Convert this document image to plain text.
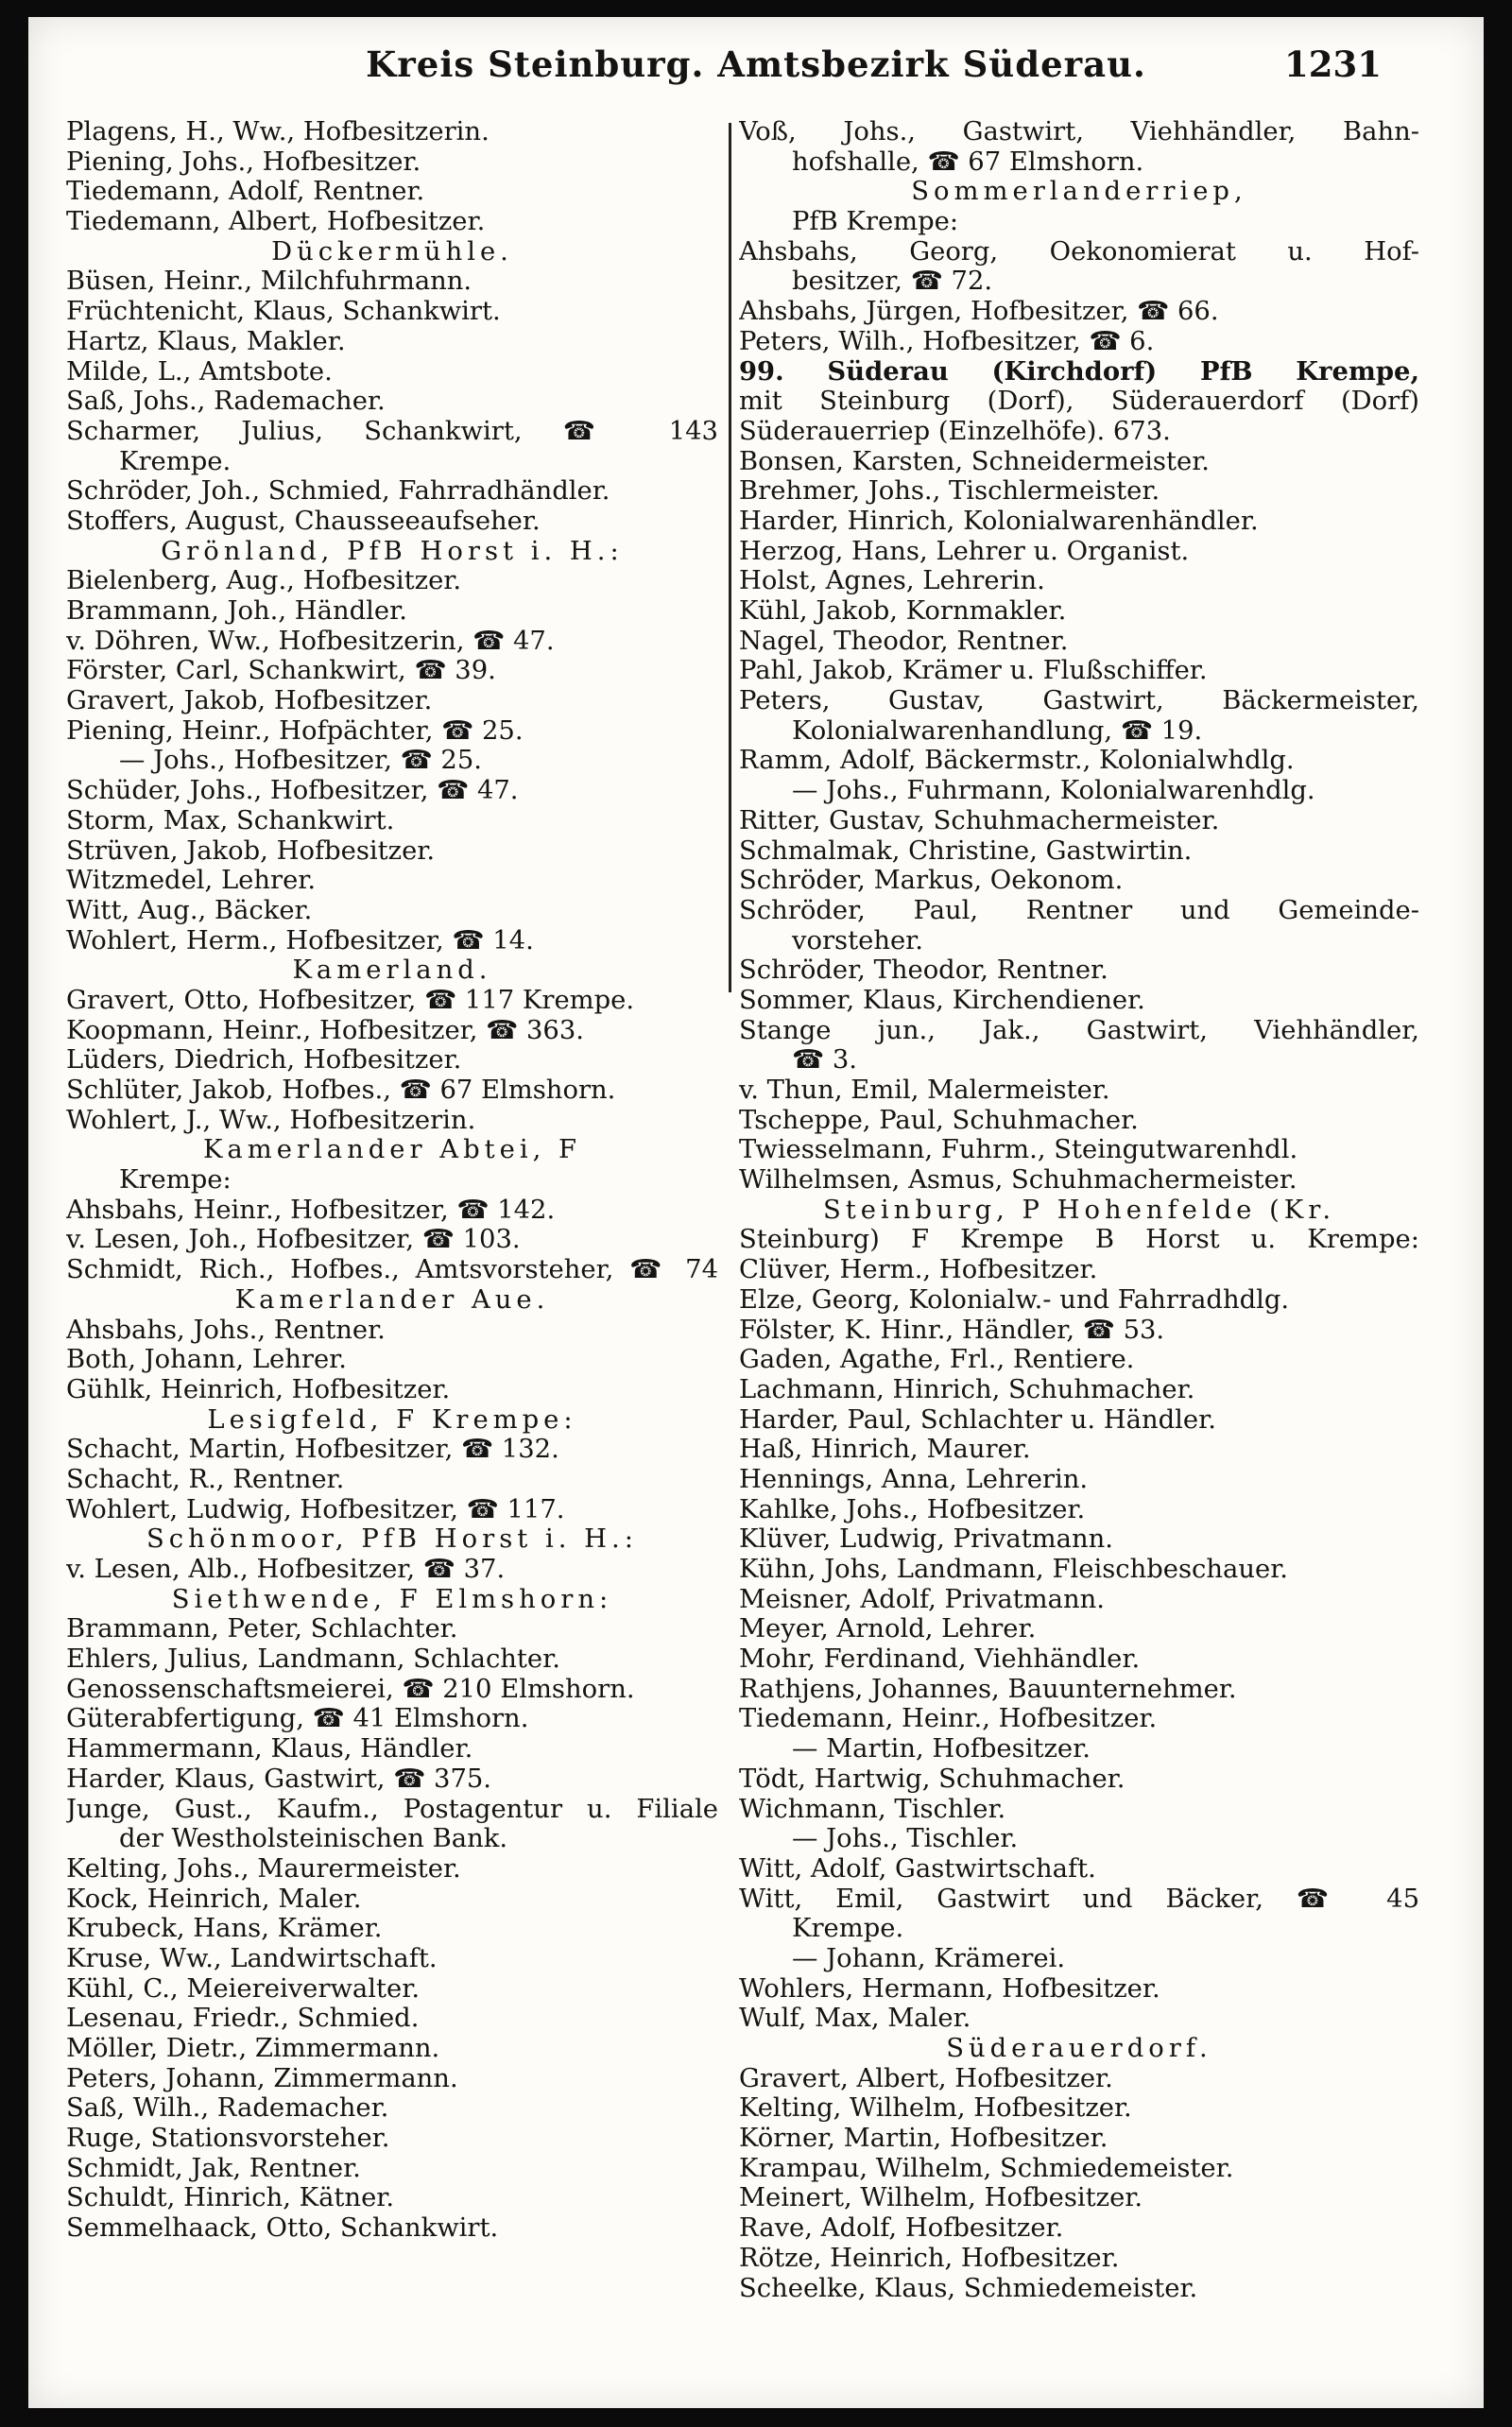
Kreis Steinburg. Amtsbezirk Süderau.	1231
Plagens, H., Ww., Hofbesitzerin.
Piening, Johs., Hofbesitzer.
Tiedemann, Adolf, Rentner.
Tiedemann, Albert, Hofbesitzer.
Dückermühle.
Büsen, Heinr., Milchfuhrmann.
Früchtenicht, Klaus, Schankwirt.
Hartz, Klaus, Makler.
Milde, L., Amtsbote.
Saß, Johs., Rademacher.
Scharmer, Julius, Schankwirt, ☎ 143
Krempe.
Schröder, Joh., Schmied, Fahrradhändler.
Stoffers, August, Chausseeaufseher.
Grönland, PfB Horst i. H.:
Bielenberg, Aug., Hofbesitzer.
Brammann, Joh., Händler.
v. Döhren, Ww., Hofbesitzerin, ☎ 47.
Förster, Carl, Schankwirt, ☎ 39.
Gravert, Jakob, Hofbesitzer.
Piening, Heinr., Hofpächter, ☎ 25.
— Johs., Hofbesitzer, ☎ 25.
Schüder, Johs., Hofbesitzer, ☎ 47.
Storm, Max, Schankwirt.
Strüven, Jakob, Hofbesitzer.
Witzmedel, Lehrer.
Witt, Aug., Bäcker.
Wohlert, Herm., Hofbesitzer, ☎ 14.
Kamerland.
Gravert, Otto, Hofbesitzer, ☎ 117 Krempe.
Koopmann, Heinr., Hofbesitzer, ☎ 363.
Lüders, Diedrich, Hofbesitzer.
Schlüter, Jakob, Hofbes., ☎ 67 Elmshorn.
Wohlert, J., Ww., Hofbesitzerin.
Kamerlander Abtei, F
Krempe:
Ahsbahs, Heinr., Hofbesitzer, ☎ 142.
v. Lesen, Joh., Hofbesitzer, ☎ 103.
Schmidt, Rich., Hofbes., Amtsvorsteher, ☎ 74
Kamerlander Aue.
Ahsbahs, Johs., Rentner.
Both, Johann, Lehrer.
Gühlk, Heinrich, Hofbesitzer.
Lesigfeld, F Krempe:
Schacht, Martin, Hofbesitzer, ☎ 132.
Schacht, R., Rentner.
Wohlert, Ludwig, Hofbesitzer, ☎ 117.
Schönmoor, PfB Horst i. H.:
v. Lesen, Alb., Hofbesitzer, ☎ 37.
Siethwende, F Elmshorn:
Brammann, Peter, Schlachter.
Ehlers, Julius, Landmann, Schlachter.
Genossenschaftsmeierei, ☎ 210 Elmshorn.
Güterabfertigung, ☎ 41 Elmshorn.
Hammermann, Klaus, Händler.
Harder, Klaus, Gastwirt, ☎ 375.
Junge, Gust., Kaufm., Postagentur u. Filiale
der Westholsteinischen Bank.
Kelting, Johs., Maurermeister.
Kock, Heinrich, Maler.
Krubeck, Hans, Krämer.
Kruse, Ww., Landwirtschaft.
Kühl, C., Meiereiverwalter.
Lesenau, Friedr., Schmied.
Möller, Dietr., Zimmermann.
Peters, Johann, Zimmermann.
Saß, Wilh., Rademacher.
Ruge, Stationsvorsteher.
Schmidt, Jak, Rentner.
Schuldt, Hinrich, Kätner.
Semmelhaack, Otto, Schankwirt.
Voß, Johs., Gastwirt, Viehhändler, Bahn-
hofshalle, ☎ 67 Elmshorn.
Sommerlanderriep,
PfB Krempe:
Ahsbahs, Georg, Oekonomierat u. Hof-
besitzer, ☎ 72.
Ahsbahs, Jürgen, Hofbesitzer, ☎ 66.
Peters, Wilh., Hofbesitzer, ☎ 6.
99. Süderau (Kirchdorf) PfB Krempe,
mit Steinburg (Dorf), Süderauerdorf (Dorf)
Süderauerriep (Einzelhöfe). 673.
Bonsen, Karsten, Schneidermeister.
Brehmer, Johs., Tischlermeister.
Harder, Hinrich, Kolonialwarenhändler.
Herzog, Hans, Lehrer u. Organist.
Holst, Agnes, Lehrerin.
Kühl, Jakob, Kornmakler.
Nagel, Theodor, Rentner.
Pahl, Jakob, Krämer u. Flußschiffer.
Peters, Gustav, Gastwirt, Bäckermeister,
Kolonialwarenhandlung, ☎ 19.
Ramm, Adolf, Bäckermstr., Kolonialwhdlg.
— Johs., Fuhrmann, Kolonialwarenhdlg.
Ritter, Gustav, Schuhmachermeister.
Schmalmak, Christine, Gastwirtin.
Schröder, Markus, Oekonom.
Schröder, Paul, Rentner und Gemeinde-
vorsteher.
Schröder, Theodor, Rentner.
Sommer, Klaus, Kirchendiener.
Stange jun., Jak., Gastwirt, Viehhändler,
☎ 3.
v. Thun, Emil, Malermeister.
Tscheppe, Paul, Schuhmacher.
Twiesselmann, Fuhrm., Steingutwarenhdl.
Wilhelmsen, Asmus, Schuhmachermeister.
Steinburg, P Hohenfelde (Kr.
Steinburg) F Krempe B Horst u. Krempe:
Clüver, Herm., Hofbesitzer.
Elze, Georg, Kolonialw.- und Fahrradhdlg.
Fölster, K. Hinr., Händler, ☎ 53.
Gaden, Agathe, Frl., Rentiere.
Lachmann, Hinrich, Schuhmacher.
Harder, Paul, Schlachter u. Händler.
Haß, Hinrich, Maurer.
Hennings, Anna, Lehrerin.
Kahlke, Johs., Hofbesitzer.
Klüver, Ludwig, Privatmann.
Kühn, Johs, Landmann, Fleischbeschauer.
Meisner, Adolf, Privatmann.
Meyer, Arnold, Lehrer.
Mohr, Ferdinand, Viehhändler.
Rathjens, Johannes, Bauunternehmer.
Tiedemann, Heinr., Hofbesitzer.
— Martin, Hofbesitzer.
Tödt, Hartwig, Schuhmacher.
Wichmann, Tischler.
— Johs., Tischler.
Witt, Adolf, Gastwirtschaft.
Witt, Emil, Gastwirt und Bäcker, ☎ 45
Krempe.
— Johann, Krämerei.
Wohlers, Hermann, Hofbesitzer.
Wulf, Max, Maler.
Süderauerdorf.
Gravert, Albert, Hofbesitzer.
Kelting, Wilhelm, Hofbesitzer.
Körner, Martin, Hofbesitzer.
Krampau, Wilhelm, Schmiedemeister.
Meinert, Wilhelm, Hofbesitzer.
Rave, Adolf, Hofbesitzer.
Rötze, Heinrich, Hofbesitzer.
Scheelke, Klaus, Schmiedemeister.
